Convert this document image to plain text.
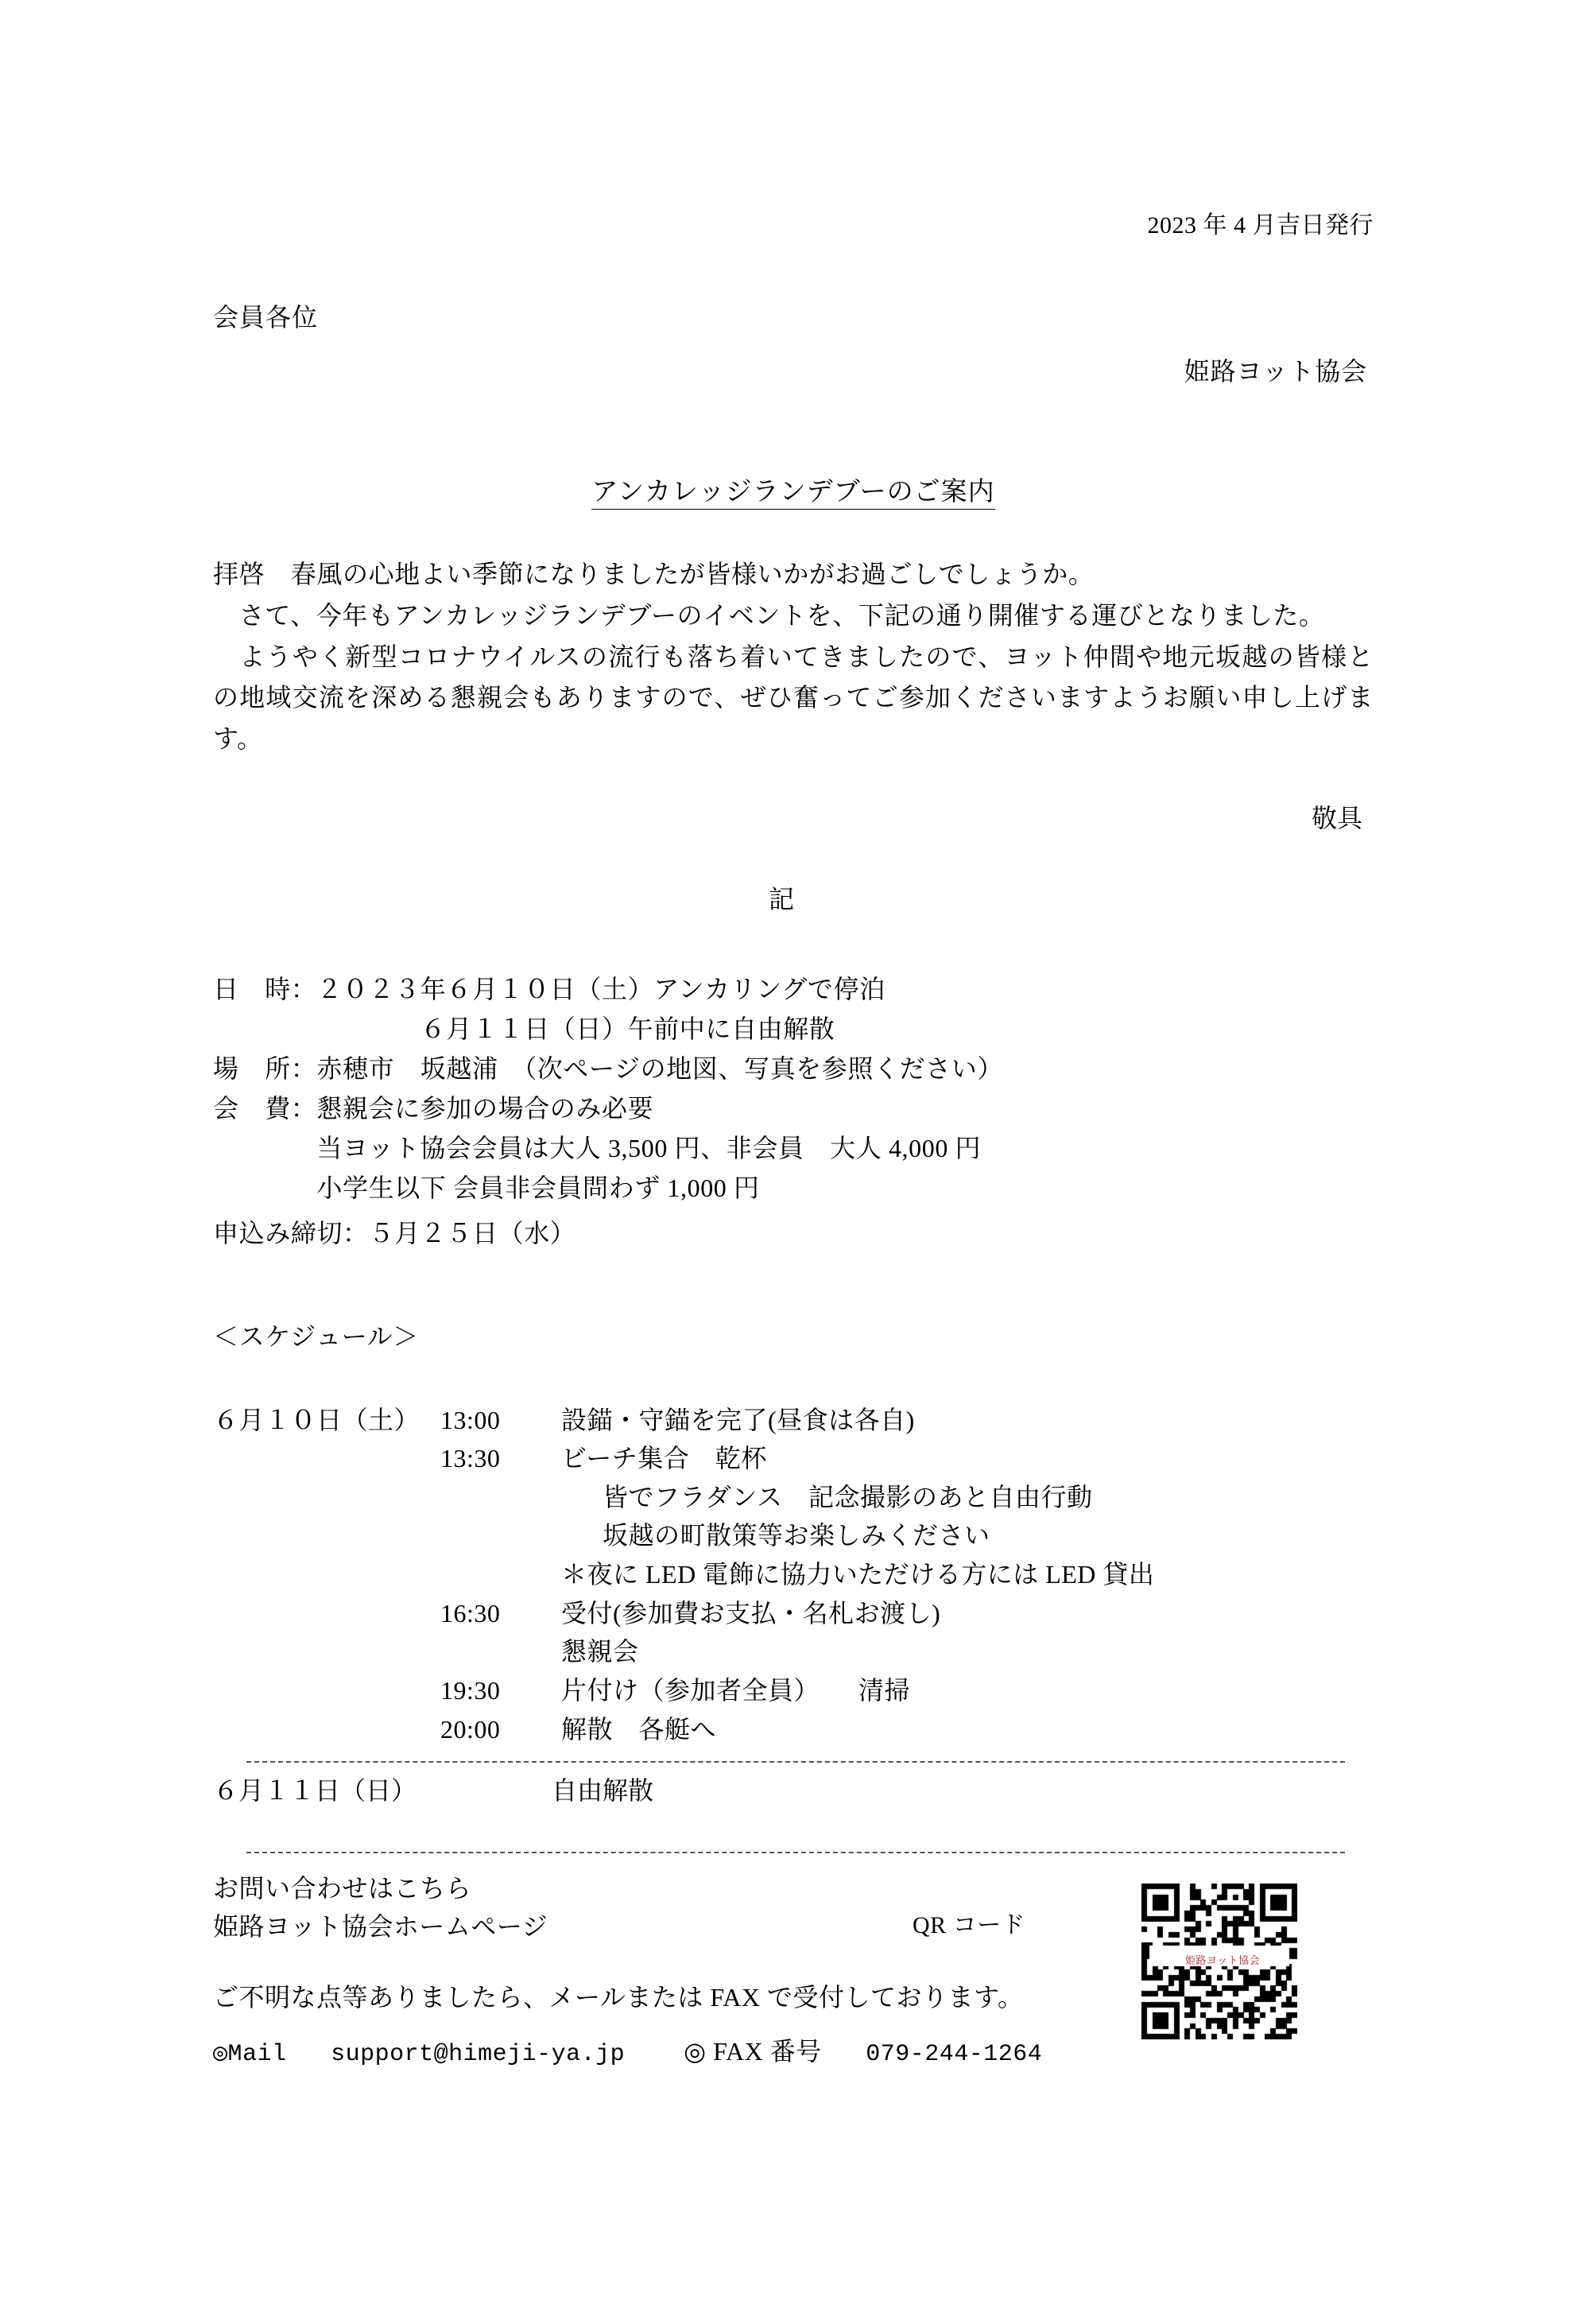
2023 年 4 月吉日発行
会員各位
姫路ヨット協会
アンカレッジランデブーのご案内

拝啓　春風の心地よい季節になりましたが皆様いかがお過ごしでしょうか。

　さて、今年もアンカレッジランデブーのイベントを、下記の通り開催する運びとなりました。

　ようやく新型コロナウイルスの流行も落ち着いてきましたので、ヨット仲間や地元坂越の皆様との地域交流を深める懇親会もありますので、ぜひ奮ってご参加くださいますようお願い申し上げます。

敬具
記
日　時：２０２３年６月１０日（土）アンカリングで停泊
　　　　　　　　６月１１日（日）午前中に自由解散
場　所：赤穂市　坂越浦　（次ページの地図、写真を参照ください）
会　費：懇親会に参加の場合のみ必要
　　　　当ヨット協会会員は大人 3,500 円、非会員　大人 4,000 円
　　　　小学生以下 会員非会員問わず 1,000 円
申込み締切：５月２５日（水）
＜スケジュール＞
６月１０日（土） 13:00	設錨・守錨を完了(昼食は各自)
13:30	ビーチ集合　乾杯
皆でフラダンス　記念撮影のあと自由行動
坂越の町散策等お楽しみください
＊夜に LED 電飾に協力いただける方には LED 貸出
16:30	受付(参加費お支払・名札お渡し)
懇親会
19:30	片付け（参加者全員）　　清掃
20:00	解散　各艇へ
６月１１日（日）	自由解散
お問い合わせはこちら
姫路ヨット協会ホームページ	QR コード
ご不明な点等ありましたら、メールまたは FAX で受付しております。
◎Mail support@himeji-ya.jp ◎ FAX 番号 079-244-1264
姫路ヨット協会
